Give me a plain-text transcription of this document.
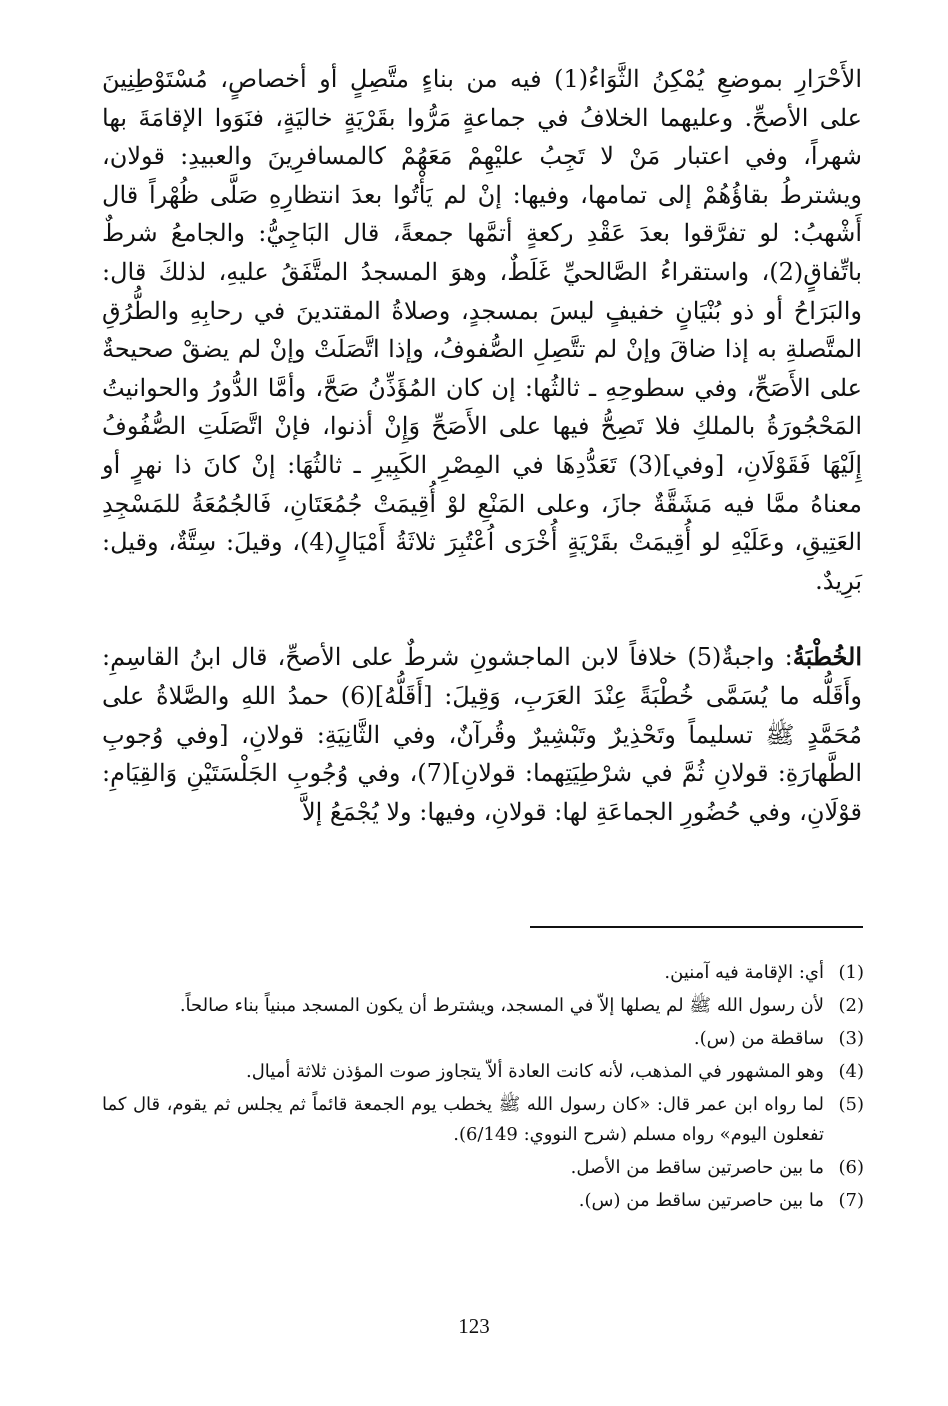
الأَحْرَارِ بموضعِ يُمْكِنُ الثَّوَاءُ(1) فيه من بناءٍ متَّصِلٍ أو أخصاصٍ، مُسْتَوْطِنِينَ على الأصحِّ. وعليهما الخلافُ في جماعةٍ مَرُّوا بقَرْيَةٍ خاليَةٍ، فنَوَوا الإقامَةَ بها شهراً، وفي اعتبار مَنْ لا تَجِبُ عليْهِمْ مَعَهُمْ كالمسافرِينَ والعبيدِ: قولان، ويشترطُ بقاؤُهُمْ إلى تمامها، وفيها: إنْ لم يَأْتُوا بعدَ انتظارِهِ صَلَّى ظُهْراً قال أَشْهبُ: لو تفرَّقوا بعدَ عَقْدِ ركعةٍ أتمَّها جمعةً، قال البَاجِيُّ: والجامعُ شرطٌ باتِّفاقٍ(2)، واستقراءُ الصَّالحيِّ غَلَطٌ، وهوَ المسجدُ المتَّفَقُ عليهِ، لذلكَ قال: والبَرَاحُ أو ذو بُنْيَانٍ خفيفٍ ليسَ بمسجدٍ، وصلاةُ المقتدينَ في رحابِهِ والطُّرُقِ المتَّصلةِ به إذا ضاقَ وإنْ لم تتَّصِلِ الصُّفوفُ، وإذا اتَّصَلَتْ وإنْ لم يضقْ صحيحةٌ على الأَصَحِّ، وفي سطوحِهِ ـ ثالثُها: إن كان المُؤَذِّنُ صَحَّ، وأمَّا الدُّورُ والحوانيتُ المَحْجُورَةُ بالملكِ فلا تَصِحُّ فيها على الأَصَحِّ وَإِنْ أذنوا، فإنْ اتَّصَلَتِ الصُّفُوفُ إِلَيْهَا فَقَوْلَانِ، [وفي](3) تَعَدُّدِهَا في المِصْرِ الكَبِيرِ ـ ثالثُهَا: إنْ كانَ ذا نهرٍ أو معناهُ ممَّا فيه مَشَقَّةٌ جازَ، وعلى المَنْعِ لوْ أُقِيمَتْ جُمُعَتَانِ، فَالجُمُعَةُ للمَسْجِدِ العَتِيقِ، وعَلَيْهِ لو أُقِيمَتْ بقَرْيَةٍ أُخْرَى اُعْتُبِرَ ثلاثَةُ أَمْيَالٍ(4)، وقيلَ: سِتَّةٌ، وقيل: بَرِيدٌ.

الخُطْبَةُ: واجبةٌ(5) خلافاً لابن الماجشونِ شرطٌ على الأصحِّ، قال ابنُ القاسِمِ: وأَقَلُّه ما يُسَمَّى خُطْبَةً عِنْدَ العَرَبِ، وَقِيلَ: [أَقَلُّهُ](6) حمدُ اللهِ والصَّلاةُ على مُحَمَّدٍ ﷺ تسليماً وتَحْذِيرٌ وتَبْشِيرٌ وقُرآنٌ، وفي الثَّانِيَةِ: قولانِ، [وفي وُجوبِ الطَّهارَةِ: قولانِ ثُمَّ في شرْطِيَتِهما: قولانِ](7)، وفي وُجُوبِ الجَلْسَتَيْنِ وَالقِيَامِ: قوْلَانِ، وفي حُضُورِ الجماعَةِ لها: قولانِ، وفيها: ولا يُجْمَعُ إلاَّ

(1)
أي: الإقامة فيه آمنين.
(2)
لأن رسول الله ﷺ لم يصلها إلاّ في المسجد، ويشترط أن يكون المسجد مبنياً بناء صالحاً.
(3)
ساقطة من (س).
(4)
وهو المشهور في المذهب، لأنه كانت العادة ألاّ يتجاوز صوت المؤذن ثلاثة أميال.
(5)
لما رواه ابن عمر قال: «كان رسول الله ﷺ يخطب يوم الجمعة قائماً ثم يجلس ثم يقوم، قال كما تفعلون اليوم» رواه مسلم (شرح النووي: 6/149).
(6)
ما بين حاصرتين ساقط من الأصل.
(7)
ما بين حاصرتين ساقط من (س).
123
